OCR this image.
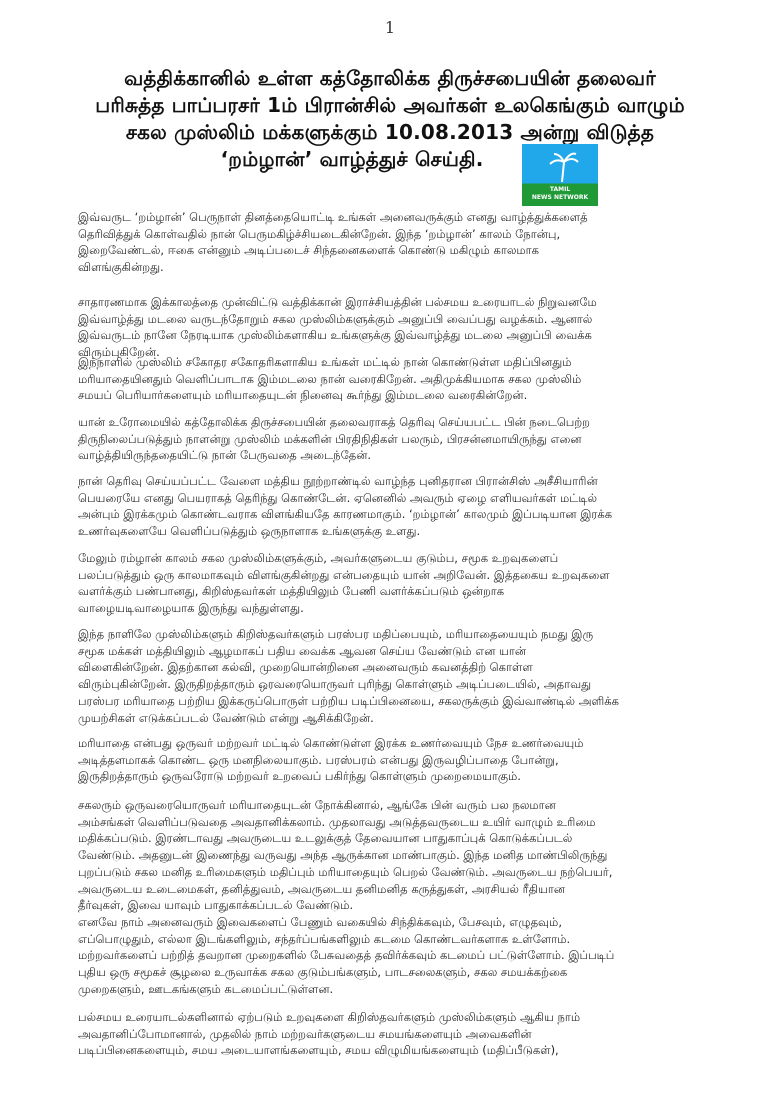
1
வத்திக்கானில் உள்ள கத்தோலிக்க திருச்சபையின் தலைவர்
பரிசுத்த பாப்பரசர் 1ம் பிரான்சில் அவர்கள் உலகெங்கும் வாழும்
சகல முஸ்லிம் மக்களுக்கும் 10.08.2013 அன்று விடுத்த
‘றம்ழான்’ வாழ்த்துச் செய்தி.
TAMIL
NEWS NETWORK
இவ்வருட ‘றம்ழான்’ பெருநாள் தினத்தையொட்டி உங்கள் அனைவருக்கும் எனது வாழ்த்துக்களைத்
தெரிவித்துக் கொள்வதில் நான் பெருமகிழ்ச்சியடைகின்றேன். இந்த ‘றம்ழான்’ காலம் நோன்பு,
இறைவேண்டல், ஈகை என்னும் அடிப்படைச் சிந்தனைகளைக் கொண்டு மகிழும் காலமாக
விளங்குகின்றது.
சாதாரணமாக இக்காலத்தை முன்விட்டு வத்திக்கான் இராச்சியத்தின் பல்சமய உரையாடல் நிறுவனமே
இவ்வாழ்த்து மடலை வருடந்தோறும் சகல முஸ்லிம்களுக்கும் அனுப்பி வைப்பது வழக்கம். ஆனால்
இவ்வருடம் நானே நேரடியாக முஸ்லிம்களாகிய உங்களுக்கு இவ்வாழ்த்து மடலை அனுப்பி வைக்க
விரும்புகிறேன்.
இந்நாளில் முஸ்லிம் சகோதர சகோதரிகளாகிய உங்கள் மட்டில் நான் கொண்டுள்ள மதிப்பினதும்
மரியாதையினதும் வெளிப்பாடாக இம்மடலை நான் வரைகிறேன். அதிமுக்கியமாக சகல முஸ்லிம்
சமயப் பெரியார்களையும் மரியாதையுடன் நினைவு கூர்ந்து இம்மடலை வரைகின்றேன்.
யான் உரோமையில் கத்தோலிக்க திருச்சபையின் தலைவராகத் தெரிவு செய்யபட்ட பின் நடைபெற்ற
திருநிலைப்படுத்தும் நாளன்று முஸ்லிம் மக்களின் பிரதிநிதிகள் பலரும், பிரசன்னமாயிருந்து எனை
வாழ்த்தியிருந்ததையிட்டு நான் பேருவதை அடைந்தேன்.
நான் தெரிவு செய்யப்பட்ட வேளை மத்திய நூற்றாண்டில் வாழ்ந்த புனிதரான பிரான்சிஸ் அசீசியாரின்
பெயரையே எனது பெயராகத் தெரிந்து கொண்டேன். ஏனெனில் அவரும் ஏழை எளியவர்கள் மட்டில்
அன்பும் இரக்கமும் கொண்டவராக விளங்கியதே காரணமாகும். ‘றம்ழான்’ காலமும் இப்படியான இரக்க
உணர்வுகளையே வெளிப்படுத்தும் ஒருநாளாக உங்களுக்கு உளது.
மேலும் ரம்ழான் காலம் சகல முஸ்லிம்களுக்கும், அவர்களுடைய குடும்ப, சமூக உறவுகளைப்
பலப்படுத்தும் ஒரு காலமாகவும் விளங்குகின்றது என்பதையும் யான் அறிவேன். இத்தகைய உறவுகளை
வளர்க்கும் பண்பானது, கிறிஸ்தவர்கள் மத்தியிலும் பேணி வளர்க்கப்படும் ஒன்றாக
வாழையடிவாழையாக இருந்து வந்துள்ளது.
இந்த நாளிலே முஸ்லிம்களும் கிறிஸ்தவர்களும் பரஸ்பர மதிப்பையும், மரியாதையையும் நமது இரு
சமூக மக்கள் மத்தியிலும் ஆழமாகப் பதிய வைக்க ஆவன செய்ய வேண்டும் என யான்
விளைகின்றேன். இதற்கான கல்வி, முறையொன்றினை அனைவரும் கவனத்திற் கொள்ள
விரும்புகின்றேன். இருதிறத்தாரும் ஒரவரையொருவர் புரிந்து கொள்ளும் அடிப்படையில், அதாவது
பரஸ்பர மரியாதை பற்றிய இக்கருப்பொருள் பற்றிய படிப்பினையை, சகலருக்கும் இவ்வாண்டில் அளிக்க
முயற்சிகள் எடுக்கப்படல் வேண்டும் என்று ஆசிக்கிறேன்.
மரியாதை என்பது ஒருவர் மற்றவர் மட்டில் கொண்டுள்ள இரக்க உணர்வையும் நேச உணர்வையும்
அடித்தளமாகக் கொண்ட ஒரு மனநிலையாகும். பரஸ்பரம் என்பது இருவழிப்பாதை போன்று,
இருதிறத்தாரும் ஒருவரோடு மற்றவர் உறவைப் பகிர்ந்து கொள்ளும் முறைமையாகும்.
சகலரும் ஒருவரையொருவர் மரியாதையுடன் நோக்கினால், ஆங்கே பின் வரும் பல நலமான
அம்சங்கள் வெளிப்படுவதை அவதானிக்கலாம். முதலாவது அடுத்தவருடைய உயிர் வாழும் உரிமை
மதிக்கப்படும். இரண்டாவது அவருடைய உடலுக்குத் தேவையான பாதுகாப்புக் கொடுக்கப்படல்
வேண்டும். அதனுடன் இணைந்து வருவது அந்த ஆருக்கான மாண்பாகும். இந்த மனித மாண்பிலிருந்து
புறப்படும் சகல மனித உரிமைகளும் மதிப்பும் மரியாதையும் பெறல் வேண்டும். அவருடைய நற்பெயர்,
அவருடைய உடைமைகள், தனித்துவம், அவருடைய தனிமனித கருத்துகள், அரசியல் ரீதியான
தீர்வுகள், இவை யாவும் பாதுகாக்கப்படல் வேண்டும்.
எனவே நாம் அனைவரும் இவைகளைப் பேணும் வகையில் சிந்திக்கவும், பேசவும், எழுதவும்,
எப்பொழுதும், எல்லா இடங்களிலும், சந்தர்ப்பங்களிலும் கடமை கொண்டவர்களாக உள்ளோம்.
மற்றவர்களைப் பற்றித் தவறான முறைகளில் பேசுவதைத் தவிர்க்கவும் கடமைப் பட்டுள்ளோம். இப்படிப்
புதிய ஒரு சமூகச் சூழலை உருவாக்க சகல குடும்பங்களும், பாடசலைகளும், சகல சமயக்கற்கை
முறைகளும், ஊடகங்களும் கடமைப்பட்டுள்ளன.
பல்சமய உரையாடல்களினால் ஏற்படும் உறவுகளை கிறிஸ்தவர்களும் முஸ்லிம்களும் ஆகிய நாம்
அவதானிப்போமானால், முதலில் நாம் மற்றவர்களுடைய சமயங்களையும் அவைகளின்
படிப்பினைகளையும், சமய அடையாளங்களையும், சமய விழுமியங்களையும் (மதிப்பீடுகள்),
